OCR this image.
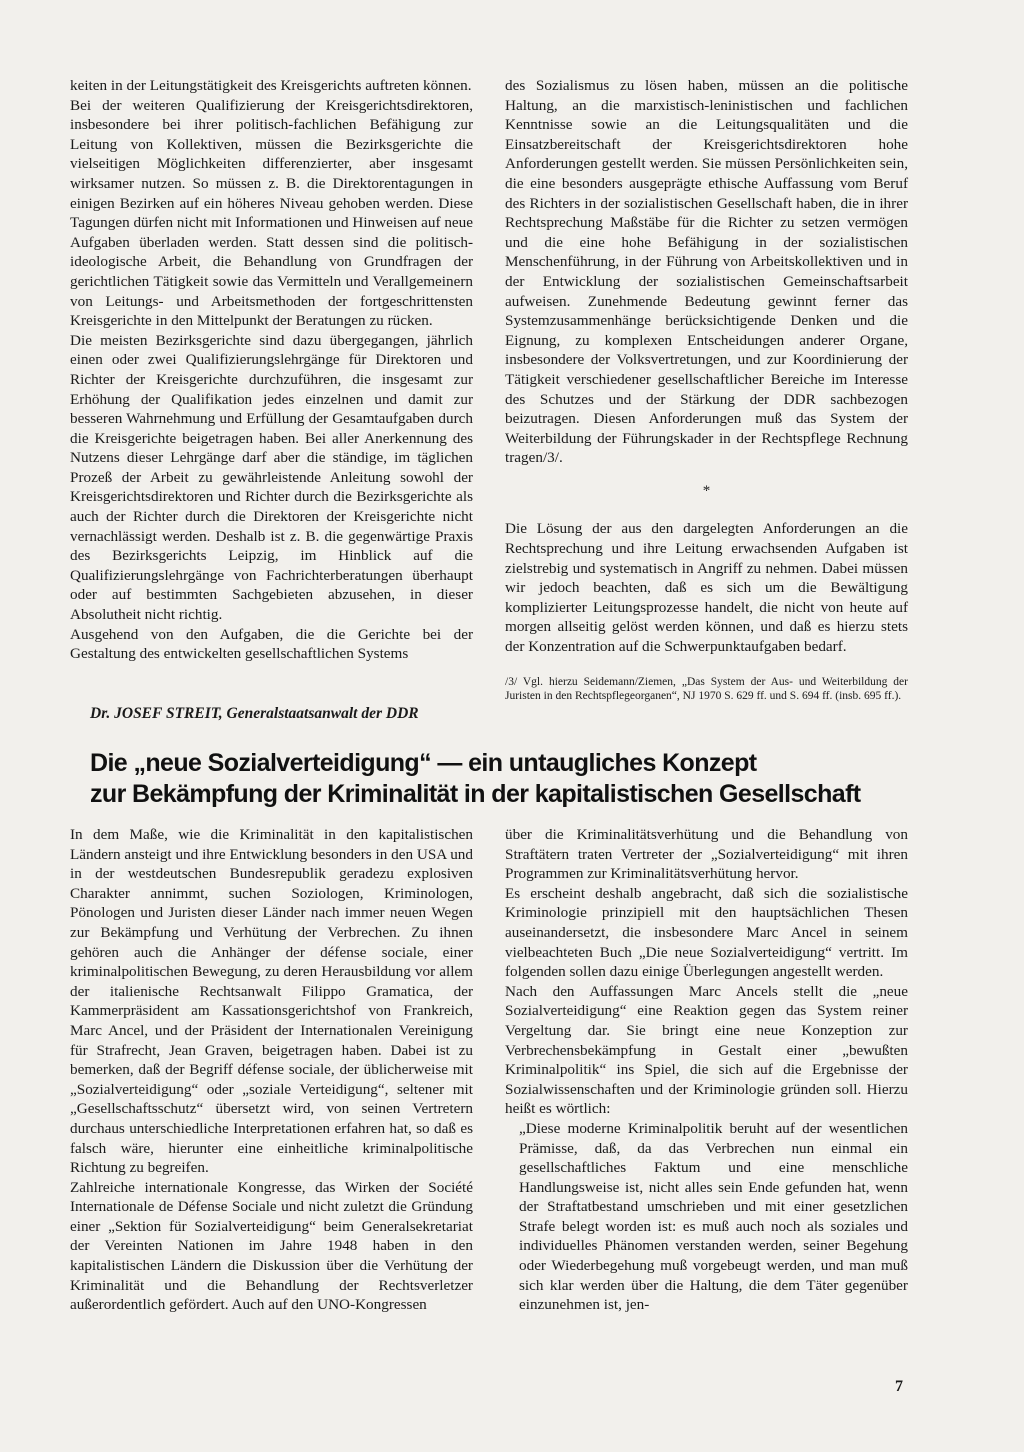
keiten in der Leitungstätigkeit des Kreisgerichts auftreten können.

Bei der weiteren Qualifizierung der Kreisgerichtsdirektoren, insbesondere bei ihrer politisch-fachlichen Befähigung zur Leitung von Kollektiven, müssen die Bezirksgerichte die vielseitigen Möglichkeiten differenzierter, aber insgesamt wirksamer nutzen. So müssen z. B. die Direktorentagungen in einigen Bezirken auf ein höheres Niveau gehoben werden. Diese Tagungen dürfen nicht mit Informationen und Hinweisen auf neue Aufgaben überladen werden. Statt dessen sind die politisch-ideologische Arbeit, die Behandlung von Grundfragen der gerichtlichen Tätigkeit sowie das Vermitteln und Verallgemeinern von Leitungs- und Arbeitsmethoden der fortgeschrittensten Kreisgerichte in den Mittelpunkt der Beratungen zu rücken.

Die meisten Bezirksgerichte sind dazu übergegangen, jährlich einen oder zwei Qualifizierungslehrgänge für Direktoren und Richter der Kreisgerichte durchzuführen, die insgesamt zur Erhöhung der Qualifikation jedes einzelnen und damit zur besseren Wahrnehmung und Erfüllung der Gesamtaufgaben durch die Kreisgerichte beigetragen haben. Bei aller Anerkennung des Nutzens dieser Lehrgänge darf aber die ständige, im täglichen Prozeß der Arbeit zu gewährleistende Anleitung sowohl der Kreisgerichtsdirektoren und Richter durch die Bezirksgerichte als auch der Richter durch die Direktoren der Kreisgerichte nicht vernachlässigt werden. Deshalb ist z. B. die gegenwärtige Praxis des Bezirksgerichts Leipzig, im Hinblick auf die Qualifizierungslehrgänge von Fachrichterberatungen überhaupt oder auf bestimmten Sachgebieten abzusehen, in dieser Absolutheit nicht richtig.

Ausgehend von den Aufgaben, die die Gerichte bei der Gestaltung des entwickelten gesellschaftlichen Systems

des Sozialismus zu lösen haben, müssen an die politische Haltung, an die marxistisch-leninistischen und fachlichen Kenntnisse sowie an die Leitungsqualitäten und die Einsatzbereitschaft der Kreisgerichtsdirektoren hohe Anforderungen gestellt werden. Sie müssen Persönlichkeiten sein, die eine besonders ausgeprägte ethische Auffassung vom Beruf des Richters in der sozialistischen Gesellschaft haben, die in ihrer Rechtsprechung Maßstäbe für die Richter zu setzen vermögen und die eine hohe Befähigung in der sozialistischen Menschenführung, in der Führung von Arbeitskollektiven und in der Entwicklung der sozialistischen Gemeinschaftsarbeit aufweisen. Zunehmende Bedeutung gewinnt ferner das Systemzusammenhänge berücksichtigende Denken und die Eignung, zu komplexen Entscheidungen anderer Organe, insbesondere der Volksvertretungen, und zur Koordinierung der Tätigkeit verschiedener gesellschaftlicher Bereiche im Interesse des Schutzes und der Stärkung der DDR sachbezogen beizutragen. Diesen Anforderungen muß das System der Weiterbildung der Führungskader in der Rechtspflege Rechnung tragen/3/.

*

Die Lösung der aus den dargelegten Anforderungen an die Rechtsprechung und ihre Leitung erwachsenden Aufgaben ist zielstrebig und systematisch in Angriff zu nehmen. Dabei müssen wir jedoch beachten, daß es sich um die Bewältigung komplizierter Leitungsprozesse handelt, die nicht von heute auf morgen allseitig gelöst werden können, und daß es hierzu stets der Konzentration auf die Schwerpunktaufgaben bedarf.

/3/ Vgl. hierzu Seidemann/Ziemen, „Das System der Aus- und Weiterbildung der Juristen in den Rechtspflegeorganen“, NJ 1970 S. 629 ff. und S. 694 ff. (insb. 695 ff.).

Dr. JOSEF STREIT, Generalstaatsanwalt der DDR
Die „neue Sozialverteidigung“ — ein untaugliches Konzept
zur Bekämpfung der Kriminalität in der kapitalistischen Gesellschaft

In dem Maße, wie die Kriminalität in den kapitalistischen Ländern ansteigt und ihre Entwicklung besonders in den USA und in der westdeutschen Bundesrepublik geradezu explosiven Charakter annimmt, suchen Soziologen, Kriminologen, Pönologen und Juristen dieser Länder nach immer neuen Wegen zur Bekämpfung und Verhütung der Verbrechen. Zu ihnen gehören auch die Anhänger der défense sociale, einer kriminalpolitischen Bewegung, zu deren Herausbildung vor allem der italienische Rechtsanwalt Filippo Gramatica, der Kammerpräsident am Kassationsgerichtshof von Frankreich, Marc Ancel, und der Präsident der Internationalen Vereinigung für Strafrecht, Jean Graven, beigetragen haben. Dabei ist zu bemerken, daß der Begriff défense sociale, der üblicherweise mit „Sozialverteidigung“ oder „soziale Verteidigung“, seltener mit „Gesellschaftsschutz“ übersetzt wird, von seinen Vertretern durchaus unterschiedliche Interpretationen erfahren hat, so daß es falsch wäre, hierunter eine einheitliche kriminalpolitische Richtung zu begreifen.

Zahlreiche internationale Kongresse, das Wirken der Société Internationale de Défense Sociale und nicht zuletzt die Gründung einer „Sektion für Sozialverteidigung“ beim Generalsekretariat der Vereinten Nationen im Jahre 1948 haben in den kapitalistischen Ländern die Diskussion über die Verhütung der Kriminalität und die Behandlung der Rechtsverletzer außerordentlich gefördert. Auch auf den UNO-Kongressen

über die Kriminalitätsverhütung und die Behandlung von Straftätern traten Vertreter der „Sozialverteidigung“ mit ihren Programmen zur Kriminalitätsverhütung hervor.

Es erscheint deshalb angebracht, daß sich die sozialistische Kriminologie prinzipiell mit den hauptsächlichen Thesen auseinandersetzt, die insbesondere Marc Ancel in seinem vielbeachteten Buch „Die neue Sozialverteidigung“ vertritt. Im folgenden sollen dazu einige Überlegungen angestellt werden.

Nach den Auffassungen Marc Ancels stellt die „neue Sozialverteidigung“ eine Reaktion gegen das System reiner Vergeltung dar. Sie bringt eine neue Konzeption zur Verbrechensbekämpfung in Gestalt einer „bewußten Kriminalpolitik“ ins Spiel, die sich auf die Ergebnisse der Sozialwissenschaften und der Kriminologie gründen soll. Hierzu heißt es wörtlich:

„Diese moderne Kriminalpolitik beruht auf der wesentlichen Prämisse, daß, da das Verbrechen nun einmal ein gesellschaftliches Faktum und eine menschliche Handlungsweise ist, nicht alles sein Ende gefunden hat, wenn der Straftatbestand umschrieben und mit einer gesetzlichen Strafe belegt worden ist: es muß auch noch als soziales und individuelles Phänomen verstanden werden, seiner Begehung oder Wiederbegehung muß vorgebeugt werden, und man muß sich klar werden über die Haltung, die dem Täter gegenüber einzunehmen ist, jen-

7
